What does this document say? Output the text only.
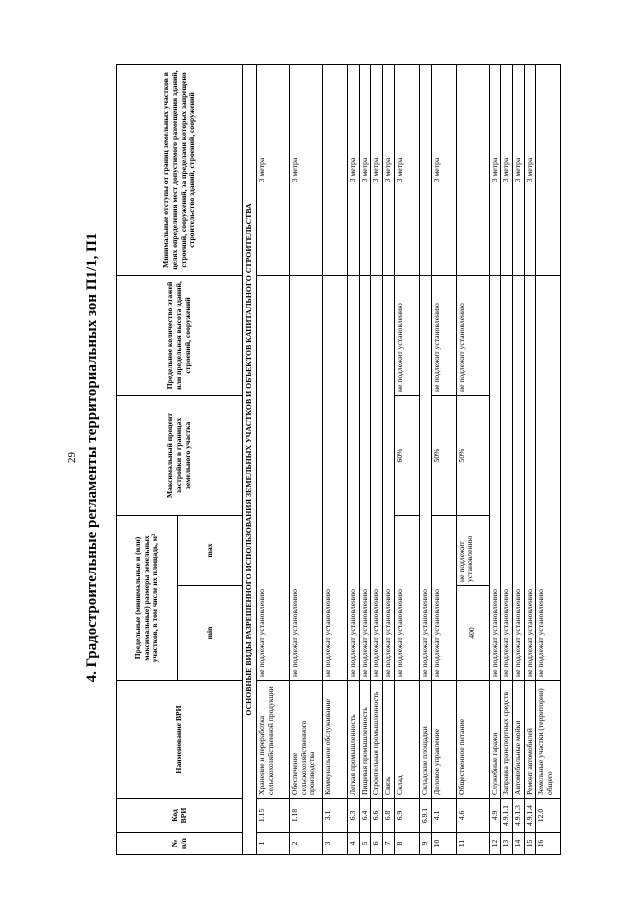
29 4. Градостроительные регламенты территориальных зон П1/1, П1
№ п/п	Код ВРИ	Наименование ВРИ	Предельные (минимальные и (или) максимальные) размеры земельных участков, в том числе их площадь, м²		Максимальный процент застройки в границах земельного участка	Предельное количество этажей или предельная высота зданий, строений, сооружений	Минимальные отступы от границ земельных участков в целях определения мест допустимого размещения зданий, строений, сооружений, за пределами которых запрещено строительство зданий, строений, сооружений
			min	max			
ОСНОВНЫЕ ВИДЫ РАЗРЕШЕННОГО ИСПОЛЬЗОВАНИЯ ЗЕМЕЛЬНЫХ УЧАСТКОВ И ОБЪЕКТОВ КАПИТАЛЬНОГО СТРОИТЕЛЬСТВА							
1	1.15	Хранение и переработка сельскохозяйственной продукции	не подлежат установлению				3 метра
2	1.18	Обеспечение сельскохозяйственного производства	не подлежат установлению				3 метра
3	3.1	Коммунальное обслуживание	не подлежат установлению				
4	6.3	Легкая промышленность	не подлежат установлению				3 метра
5	6.4	Пищевая промышленность	не подлежат установлению				3 метра
6	6.6	Строительная промышленность	не подлежат установлению				3 метра
7	6.8	Связь	не подлежат установлению				3 метра
8	6.9	Склад	не подлежат установлению		60%	не подлежит установлению	3 метра
9	6.9.1	Складские площадки	не подлежат установлению				
10	4.1	Деловое управление	не подлежат установлению		50%	не подлежит установлению	3 метра
11	4.6	Общественное питание	400	не подлежит установлению	50%	не подлежит установлению	
12	4.9	Служебные гаражи	не подлежат установлению				3 метра
13	4.9.1.1	Заправка транспортных средств	не подлежат установлению				3 метра
14	4.9.1.3	Автомобильные мойки	не подлежат установлению				3 метра
15	4.9.1.4	Ремонт автомобилей	не подлежат установлению				3 метра
16	12.0	Земельные участки (территории) общего	не подлежат установлению				
